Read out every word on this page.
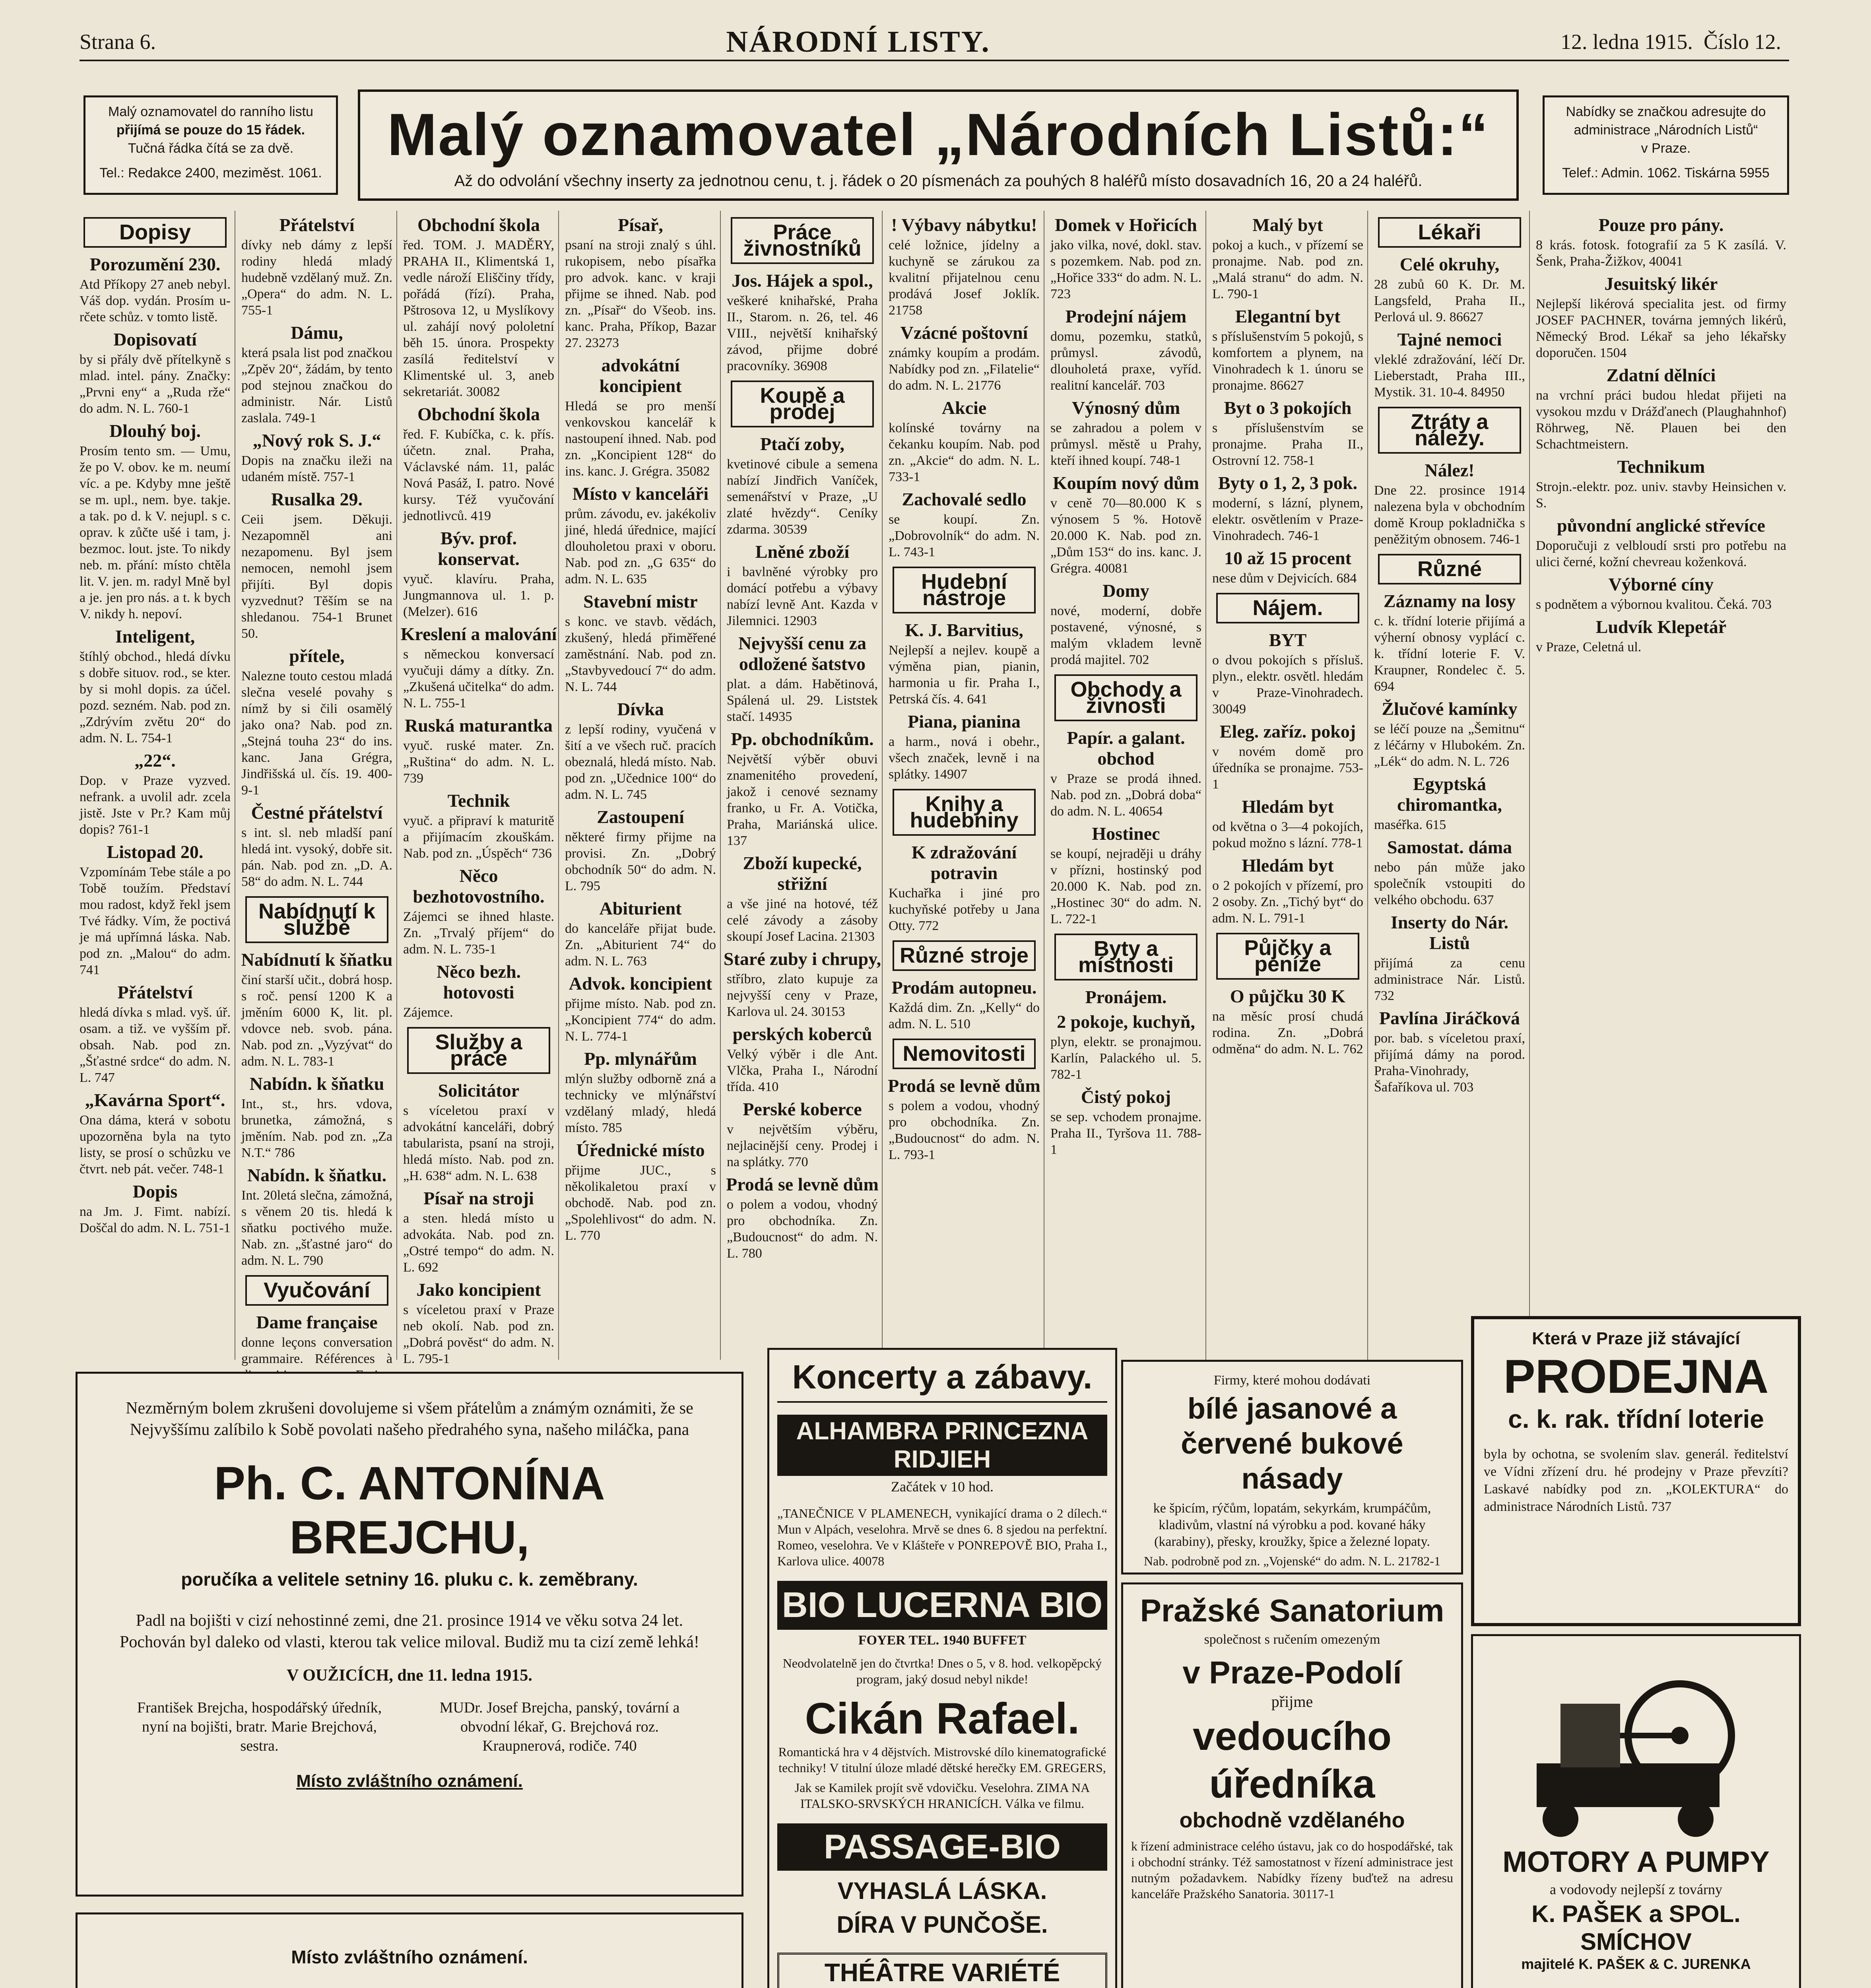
Strana 6.	NÁRODNÍ LISTY.	12. ledna 1915. Číslo 12.
Malý oznamovatel do ranního listu
přijímá se pouze do 15 řádek.
Tučná řádka čítá se za dvě.
Tel.: Redakce 2400, meziměst. 1061.
Malý oznamovatel „Národních Listů:“
Až do odvolání všechny inserty za jednotnou cenu, t. j. řádek o 20 písmenách za pouhých 8 haléřů místo dosavadních 16, 20 a 24 haléřů.
Nabídky se značkou adresujte do
administrace „Národních Listů“
v Praze.
Telef.: Admin. 1062. Tiskárna 5955
Dopisy
Porozumění 230.
Atd Příkopy 27 aneb nebyl. Váš dop. vydán. Prosím u-rčete schůz. v tomto listě.
Dopisovatí
by si přály dvě přítelkyně s mlad. intel. pány. Značky: „Prvni eny“ a „Ruda rže“ do adm. N. L. 760-1
Dlouhý boj.
Prosím tento sm. — Umu, že po V. obov. ke m. neumí víc. a pe. Kdyby mne ještě se m. upl., nem. bye. takje. a tak. po d. k V. nejupl. s c. oprav. k zůčte ušé i tam, j. bezmoc. lout. jste. To nikdy neb. m. přání: místo chtěla lit. V. jen. m. radyl Mně byl a je. jen pro nás. a t. k bych V. nikdy h. nepoví.
Inteligent,
štíhlý obchod., hledá dívku s dobře situov. rod., se kter. by si mohl dopis. za účel. pozd. sezném. Nab. pod zn. „Zdrývím zvětu 20“ do adm. N. L. 754-1
„22“.
Dop. v Praze vyzved. nefrank. a uvolil adr. zcela jistě. Jste v Pr.? Kam můj dopis? 761-1
Listopad 20.
Vzpomínám Tebe stále a po Tobě toužím. Představí mou radost, když řekl jsem Tvé řádky. Vím, že poctivá je má upřímná láska. Nab. pod zn. „Malou“ do adm. 741
Přátelství
hledá dívka s mlad. vyš. úř. osam. a tiž. ve vyšším př. obsah. Nab. pod zn. „Šťastné srdce“ do adm. N. L. 747
„Kavárna Sport“.
Ona dáma, která v sobotu upozorněna byla na tyto listy, se prosí o schůzku ve čtvrt. neb pát. večer. 748-1
Dopis
na Jm. J. Fimt. nabízí. Doščal do adm. N. L. 751-1
Přátelství
dívky neb dámy z lepší rodiny hledá mladý hudebně vzdělaný muž. Zn. „Opera“ do adm. N. L. 755-1
Dámu,
která psala list pod značkou „Zpěv 20“, žádám, by tento pod stejnou značkou do administr. Nár. Listů zaslala. 749-1
„Nový rok S. J.“
Dopis na značku ileži na udaném místě. 757-1
Rusalka 29.
Ceii jsem. Děkuji. Nezapomněl ani nezapomenu. Byl jsem nemocen, nemohl jsem přijíti. Byl dopis vyzvednut? Těším se na shledanou. 754-1 Brunet 50.
přítele,
Nalezne touto cestou mladá slečna veselé povahy s nímž by si čili osamělý jako ona? Nab. pod zn. „Stejná touha 23“ do ins. kanc. Jana Grégra, Jindřišská ul. čís. 19. 400-9-1
Čestné přátelství
s int. sl. neb mladší paní hledá int. vysoký, dobře sit. pán. Nab. pod zn. „D. A. 58“ do adm. N. L. 744
Nabídnutí k službě
Nabídnutí k šňatku
činí starší učit., dobrá hosp. s roč. pensí 1200 K a jměním 6000 K, lit. pl. vdovce neb. svob. pána. Nab. pod zn. „Vyzývat“ do adm. N. L. 783-1
Nabídn. k šňatku
Int., st., hrs. vdova, brunetka, zámožná, s jměním. Nab. pod zn. „Za N.T.“ 786
Nabídn. k šňatku.
Int. 20letá slečna, zámožná, s věnem 20 tis. hledá k sňatku poctivého muže. Nab. zn. „šťastné jaro“ do adm. N. L. 790
Vyučování
Dame française
donne leçons conversation grammaire. Références à
Obchodní škola
řed. TOM. J. MADĚRY, PRAHA II., Klimentská 1, vedle nároží Eliščiny třídy, pořádá (řízí). Praha, Pštrosova 12, u Myslíkovy ul. zahájí nový pololetní běh 15. února. Prospekty zasílá ředitelství v Klimentské ul. 3, aneb sekretariát. 30082
Obchodní škola
řed. F. Kubíčka, c. k. přís. účetn. znal. Praha, Václavské nám. 11, palác Nová Pasáž, I. patro. Nové kursy. Též vyučování jednotlivců. 419
Býv. prof. konservat.
vyuč. klavíru. Praha, Jungmannova ul. 1. p. (Melzer). 616
Kreslení a malování
s německou konversací vyučuji dámy a dítky. Zn. „Zkušená učitelka“ do adm. N. L. 755-1
Ruská maturantka
vyuč. ruské mater. Zn. „Ruština“ do adm. N. L. 739
Technik
vyuč. a připraví k maturitě a přijímacím zkouškám. Nab. pod zn. „Úspěch“ 736
Něco bezhotovostního.
Zájemci se ihned hlaste. Zn. „Trvalý příjem“ do adm. N. L. 735-1
Něco bezh. hotovosti
Zájemce.
Služby a práce
Solicitátor
s víceletou praxí v advokátní kanceláři, dobrý tabularista, psaní na stroji, hledá místo. Nab. pod zn. „H. 638“ adm. N. L. 638
Písař na stroji
a sten. hledá místo u advokáta. Nab. pod zn. „Ostré tempo“ do adm. N. L. 692
Jako koncipient
s víceletou praxí v Praze neb okolí. Nab. pod zn. „Dobrá pověst“ do adm. N. L. 795-1
Písař,
psaní na stroji znalý s úhl. rukopisem, nebo písařka pro advok. kanc. v kraji přijme se ihned. Nab. pod zn. „Písař“ do Všeob. ins. kanc. Praha, Příkop, Bazar 27. 23273
advokátní koncipient
Hledá se pro menší venkovskou kancelář k nastoupení ihned. Nab. pod zn. „Koncipient 128“ do ins. kanc. J. Grégra. 35082
Místo v kanceláři
prům. závodu, ev. jakékoliv jiné, hledá úřednice, mající dlouholetou praxi v oboru. Nab. pod zn. „G 635“ do adm. N. L. 635
Stavební mistr
s konc. ve stavb. vědách, zkušený, hledá přiměřené zaměstnání. Nab. pod zn. „Stavbyvedoucí 7“ do adm. N. L. 744
Dívka
z lepší rodiny, vyučená v šití a ve všech ruč. pracích obeznalá, hledá místo. Nab. pod zn. „Učednice 100“ do adm. N. L. 745
Zastoupení
některé firmy přijme na provisi. Zn. „Dobrý obchodník 50“ do adm. N. L. 795
Abiturient
do kanceláře přijat bude. Zn. „Abiturient 74“ do adm. N. L. 763
Advok. koncipient
přijme místo. Nab. pod zn. „Koncipient 774“ do adm. N. L. 774-1
Pp. mlynářům
mlýn služby odborně zná a technicky ve mlýnářství vzdělaný mladý, hledá místo. 785
Úřednické místo
přijme JUC., s několikaletou praxí v obchodě. Nab. pod zn. „Spolehlivost“ do adm. N. L. 770
Práce živnostníků
Jos. Hájek a spol.,
veškeré knihařské, Praha II., Starom. n. 26, tel. 46 VIII., největší knihařský závod, přijme dobré pracovníky. 36908
Koupě a prodej
Ptačí zoby,
kvetinové cibule a semena nabízí Jindřich Vaníček, semenářství v Praze, „U zlaté hvězdy“. Ceníky zdarma. 30539
Lněné zboží
i bavlněné výrobky pro domácí potřebu a výbavy nabízí levně Ant. Kazda v Jilemnici. 12903
Nejvyšší cenu za odložené šatstvo
plat. a dám. Habětinová, Spálená ul. 29. Liststek stačí. 14935
Pp. obchodníkům.
Největší výběr obuvi znamenitého provedení, jakož i cenové seznamy franko, u Fr. A. Votička, Praha, Mariánská ulice. 137
Zboží kupecké, střižní
a vše jiné na hotové, též celé závody a zásoby skoupí Josef Lacina. 21303
Staré zuby i chrupy,
stříbro, zlato kupuje za nejvyšší ceny v Praze, Karlova ul. 24. 30153
perských koberců
Velký výběr i dle Ant. Vlčka, Praha I., Národní třída. 410
Perské koberce
v největším výběru, nejlacinější ceny. Prodej i na splátky. 770
Prodá se levně dům
o polem a vodou, vhodný pro obchodníka. Zn. „Budoucnost“ do adm. N. L. 780
! Výbavy nábytku!
celé ložnice, jídelny a kuchyně se zárukou za kvalitní přijatelnou cenu prodává Josef Joklík. 21758
Vzácné poštovní
známky koupím a prodám. Nabídky pod zn. „Filatelie“ do adm. N. L. 21776
Akcie
kolínské továrny na čekanku koupím. Nab. pod zn. „Akcie“ do adm. N. L. 733-1
Zachovalé sedlo
se koupí. Zn. „Dobrovolník“ do adm. N. L. 743-1
Hudební nástroje
K. J. Barvitius,
Nejlepší a nejlev. koupě a výměna pian, pianin, harmonia u fir. Praha I., Petrská čís. 4. 641
Piana, pianina
a harm., nová i obehr., všech značek, levně i na splátky. 14907
Knihy a hudebniny
K zdražování potravin
Kuchařka i jiné pro kuchyňské potřeby u Jana Otty. 772
Různé stroje
Prodám autopneu.
Každá dim. Zn. „Kelly“ do adm. N. L. 510
Nemovitosti
Prodá se levně dům
s polem a vodou, vhodný pro obchodníka. Zn. „Budoucnost“ do adm. N. L. 793-1
Domek v Hořicích
jako vilka, nové, dokl. stav. s pozemkem. Nab. pod zn. „Hořice 333“ do adm. N. L. 723
Prodejní nájem
domu, pozemku, statků, průmysl. závodů, dlouholetá praxe, vyříd. realitní kancelář. 703
Výnosný dům
se zahradou a polem v průmysl. městě u Prahy, kteří ihned koupí. 748-1
Koupím nový dům
v ceně 70—80.000 K s výnosem 5 %. Hotově 20.000 K. Nab. pod zn. „Dům 153“ do ins. kanc. J. Grégra. 40081
Domy
nové, moderní, dobře postavené, výnosné, s malým vkladem levně prodá majitel. 702
Obchody a živnosti
Papír. a galant. obchod
v Praze se prodá ihned. Nab. pod zn. „Dobrá doba“ do adm. N. L. 40654
Hostinec
se koupí, nejraději u dráhy v přízni, hostinský pod 20.000 K. Nab. pod zn. „Hostinec 30“ do adm. N. L. 722-1
Byty a místnosti
Pronájem.
2 pokoje, kuchyň,
plyn, elektr. se pronajmou. Karlín, Palackého ul. 5. 782-1
Čistý pokoj
se sep. vchodem pronajme. Praha II., Tyršova 11. 788-1
Malý byt
pokoj a kuch., v přízemí se pronajme. Nab. pod zn. „Malá stranu“ do adm. N. L. 790-1
Elegantní byt
s příslušenstvím 5 pokojů, s komfortem a plynem, na Vinohradech k 1. únoru se pronajme. 86627
Byt o 3 pokojích
s příslušenstvím se pronajme. Praha II., Ostrovní 12. 758-1
Byty o 1, 2, 3 pok.
moderní, s lázní, plynem, elektr. osvětlením v Praze-Vinohradech. 746-1
10 až 15 procent
nese dům v Dejvicích. 684
Nájem.
BYT
o dvou pokojích s přísluš. plyn., elektr. osvětl. hledám v Praze-Vinohradech. 30049
Eleg. zaříz. pokoj
v novém domě pro úředníka se pronajme. 753-1
Hledám byt
od května o 3—4 pokojích, pokud možno s lázní. 778-1
Hledám byt
o 2 pokojích v přízemí, pro 2 osoby. Zn. „Tichý byt“ do adm. N. L. 791-1
Půjčky a peníze
O půjčku 30 K
na měsíc prosí chudá rodina. Zn. „Dobrá odměna“ do adm. N. L. 762
Lékaři
Celé okruhy,
28 zubů 60 K. Dr. M. Langsfeld, Praha II., Perlová ul. 9. 86627
Tajné nemoci
vleklé zdražování, léčí Dr. Lieberstadt, Praha III., Mystik. 31. 10-4. 84950
Ztráty a nálezy.
Nález!
Dne 22. prosince 1914 nalezena byla v obchodním domě Kroup pokladnička s peněžitým obnosem. 746-1
Různé
Záznamy na losy
c. k. třídní loterie přijímá a výherní obnosy vyplácí c. k. třídní loterie F. V. Kraupner, Rondelec č. 5. 694
Žlučové kamínky
se léčí pouze na „Šemitnu“ z léčárny v Hlubokém. Zn. „Lék“ do adm. N. L. 726
Egyptská chiromantka,
maséřka. 615
Samostat. dáma
nebo pán může jako společník vstoupiti do velkého obchodu. 637
Inserty do Nár. Listů
přijímá za cenu administrace Nár. Listů. 732
Pavlína Jiráčková
por. bab. s víceletou praxí, přijímá dámy na porod. Praha-Vinohrady, Šafaříkova ul. 703
Pouze pro pány.
8 krás. fotosk. fotografií za 5 K zasílá. V. Šenk, Praha-Žižkov, 40041
Jesuitský likér
Nejlepší likérová specialita jest. od firmy JOSEF PACHNER, továrna jemných likérů, Německý Brod. Lékař sa jeho lékařsky doporučen. 1504
Zdatní dělníci
na vrchní práci budou hledat přijeti na vysokou mzdu v Drážďanech (Plaughahnhof) Röhrweg, Ně. Plauen bei den Schachtmeistern.
Technikum
Strojn.-elektr. poz. univ. stavby Heinsichen v. S.
půvondní anglické střevíce
Doporučuji z velbloudí srsti pro potřebu na ulici černé, kožní chevreau koženková.
Výborné cíny
s podnětem a výbornou kvalitou. Čeká. 703
Ludvík Klepetář
v Praze, Celetná ul.
Nezměrným bolem zkrušeni dovolujeme si všem přátelům a známým oznámiti, že se Nejvyššímu zalíbilo k Sobě povolati našeho předrahého syna, našeho miláčka, pana
Ph. C. ANTONÍNA BREJCHU,
poručíka a velitele setniny 16. pluku c. k. zeměbrany.
Padl na bojišti v cizí nehostinné zemi, dne 21. prosince 1914 ve věku sotva 24 let. Pochován byl daleko od vlasti, kterou tak velice miloval. Budiž mu ta cizí země lehká!
V OUŽICÍCH, dne 11. ledna 1915.
František Brejcha, hospodářský úředník, nyní na bojišti, bratr. Marie Brejchová, sestra.
MUDr. Josef Brejcha, panský, tovární a obvodní lékař, G. Brejchová roz. Kraupnerová, rodiče. 740
Místo zvláštního oznámení.
Místo zvláštního oznámení.
Koncerty a zábavy.
ALHAMBRA PRINCEZNA RIDJIEH
Začátek v 10 hod.
„TANEČNICE V PLAMENECH, vynikající drama o 2 dílech.“ Mun v Alpách, veselohra. Mrvě se dnes 6. 8 sjedou na perfektní. Romeo, veselohra. Ve v Klášteře v PONREPOVĚ BIO, Praha I., Karlova ulice. 40078
BIO LUCERNA BIO
FOYER TEL. 1940 BUFFET
Neodvolatelně jen do čtvrtka! Dnes o 5, v 8. hod. velkopěpcký program, jaký dosud nebyl nikde!
Cikán Rafael.
Romantická hra v 4 dějstvích. Mistrovské dílo kinematografické techniky! V titulní úloze mladé dětské herečky EM. GREGERS,
Jak se Kamilek projít svě vdovičku. Veselohra. ZIMA NA ITALSKO-SRVSKÝCH HRANICÍCH. Válka ve filmu.
PASSAGE-BIO
VYHASLÁ LÁSKA.
DÍRA V PUNČOŠE.
THÉÂTRE VARIÉTÉ
Firmy, které mohou dodávati
bílé jasanové a červené bukové násady
ke špicím, rýčům, lopatám, sekyrkám, krumpáčům, kladivům, vlastní ná výrobku a pod. kované háky (karabiny), přesky, kroužky, špice a železné lopaty.
Nab. podrobně pod zn. „Vojenské“ do adm. N. L. 21782-1
Která v Praze již stávající
PRODEJNA
c. k. rak. třídní loterie
byla by ochotna, se svolením slav. generál. ředitelství ve Vídni zřízení dru. hé prodejny v Praze převzíti? Laskavé nabídky pod zn. „KOLEKTURA“ do administrace Národních Listů. 737
Pražské Sanatorium
společnost s ručením omezeným
v Praze-Podolí
přijme
vedoucího úředníka
obchodně vzdělaného
k řízení administrace celého ústavu, jak co do hospodářské, tak i obchodní stránky. Též samostatnost v řízení administrace jest nutným požadavkem. Nabídky řízeny buďtež na adresu kanceláře Pražského Sanatoria. 30117-1
MOTORY A PUMPY
a vodovody nejlepší z továrny
K. PAŠEK a SPOL. SMÍCHOV
majitelé K. PAŠEK & C. JURENKA
